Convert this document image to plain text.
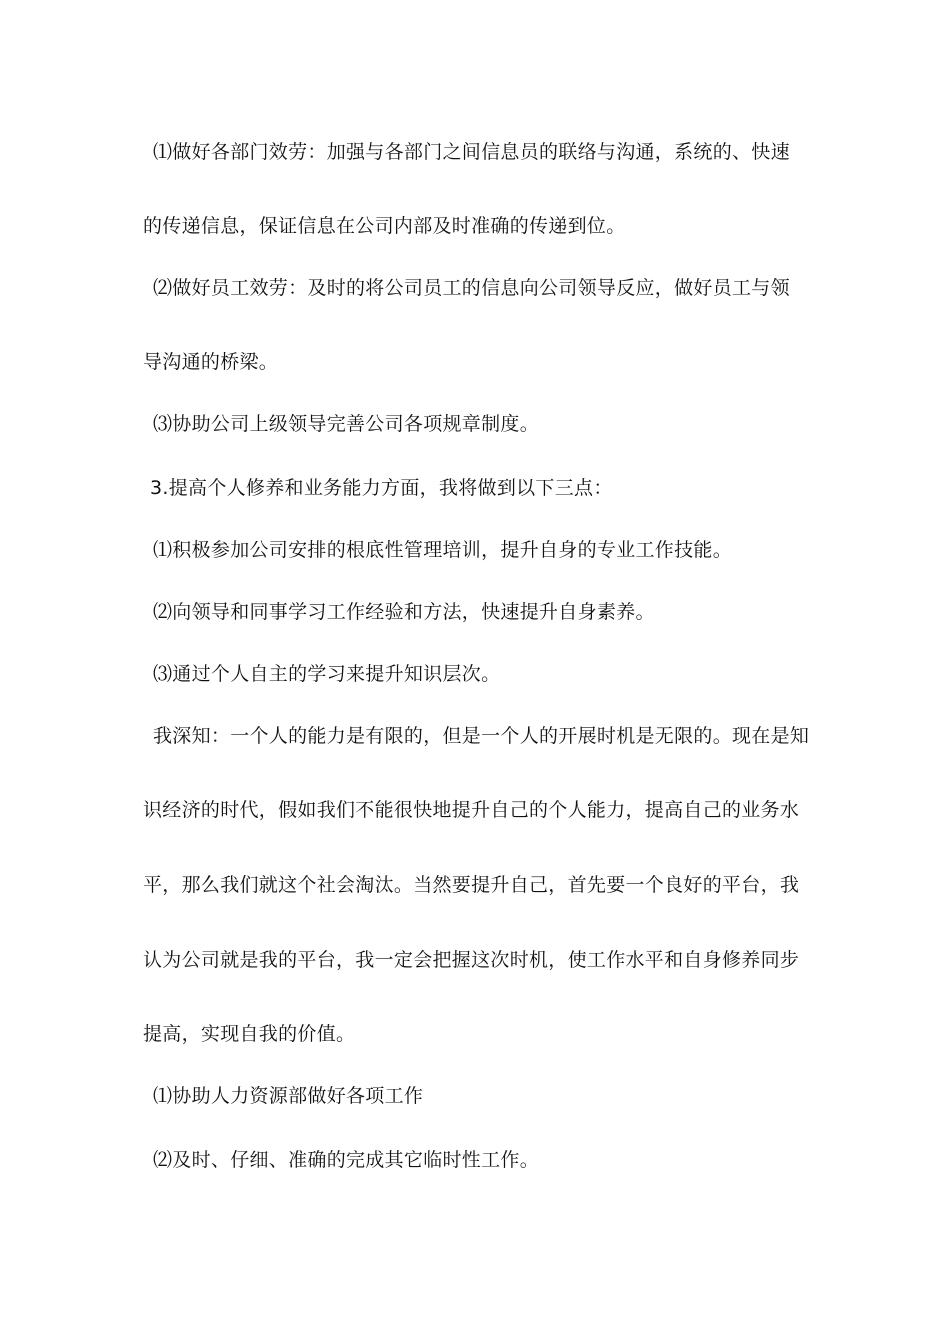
⑴做好各部门效劳：加强与各部门之间信息员的联络与沟通，系统的、快速
的传递信息，保证信息在公司内部及时准确的传递到位。
⑵做好员工效劳：及时的将公司员工的信息向公司领导反应，做好员工与领
导沟通的桥梁。
⑶协助公司上级领导完善公司各项规章制度。
3.提高个人修养和业务能力方面，我将做到以下三点：
⑴积极参加公司安排的根底性管理培训，提升自身的专业工作技能。
⑵向领导和同事学习工作经验和方法，快速提升自身素养。
⑶通过个人自主的学习来提升知识层次。
我深知：一个人的能力是有限的，但是一个人的开展时机是无限的。现在是知
识经济的时代，假如我们不能很快地提升自己的个人能力，提高自己的业务水
平，那么我们就这个社会淘汰。当然要提升自己，首先要一个良好的平台，我
认为公司就是我的平台，我一定会把握这次时机，使工作水平和自身修养同步
提高，实现自我的价值。
⑴协助人力资源部做好各项工作
⑵及时、仔细、准确的完成其它临时性工作。
